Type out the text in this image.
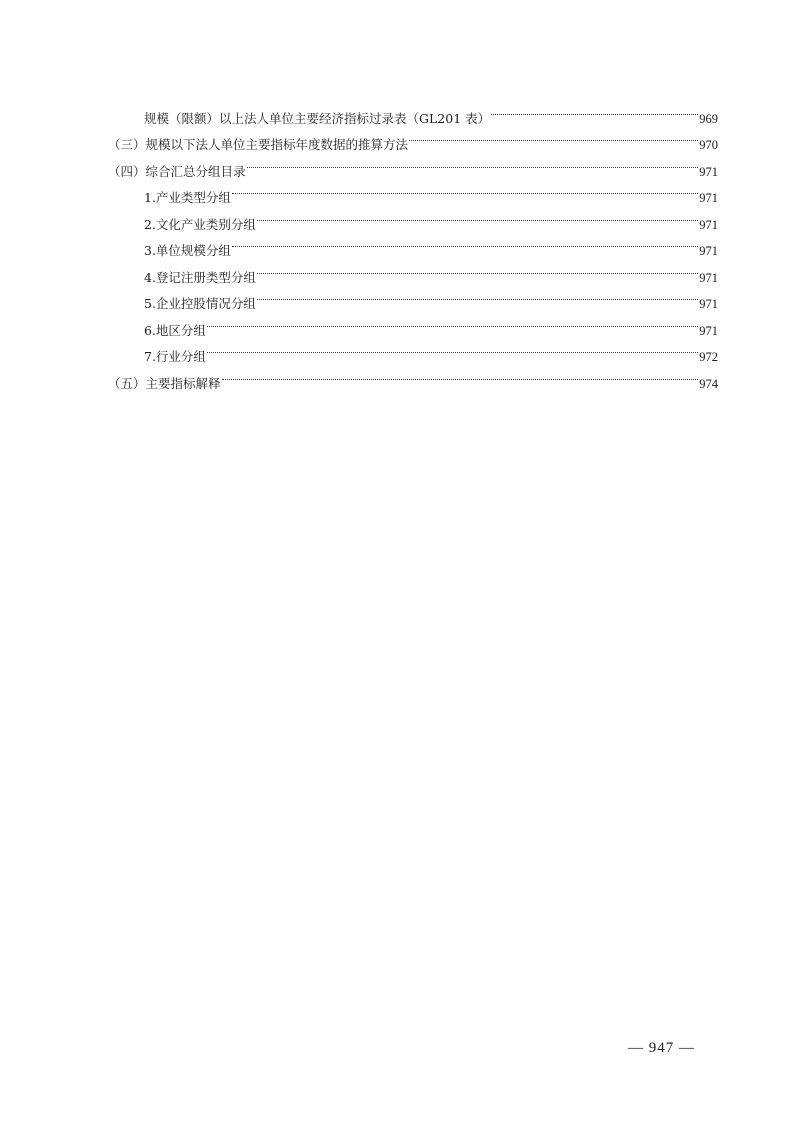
规模（限额）以上法人单位主要经济指标过录表（GL201 表）	969
（三）规模以下法人单位主要指标年度数据的推算方法	970
（四）综合汇总分组目录	971
1.产业类型分组	971
2.文化产业类别分组	971
3.单位规模分组	971
4.登记注册类型分组	971
5.企业控股情况分组	971
6.地区分组	971
7.行业分组	972
（五）主要指标解释	974
— 947 —
